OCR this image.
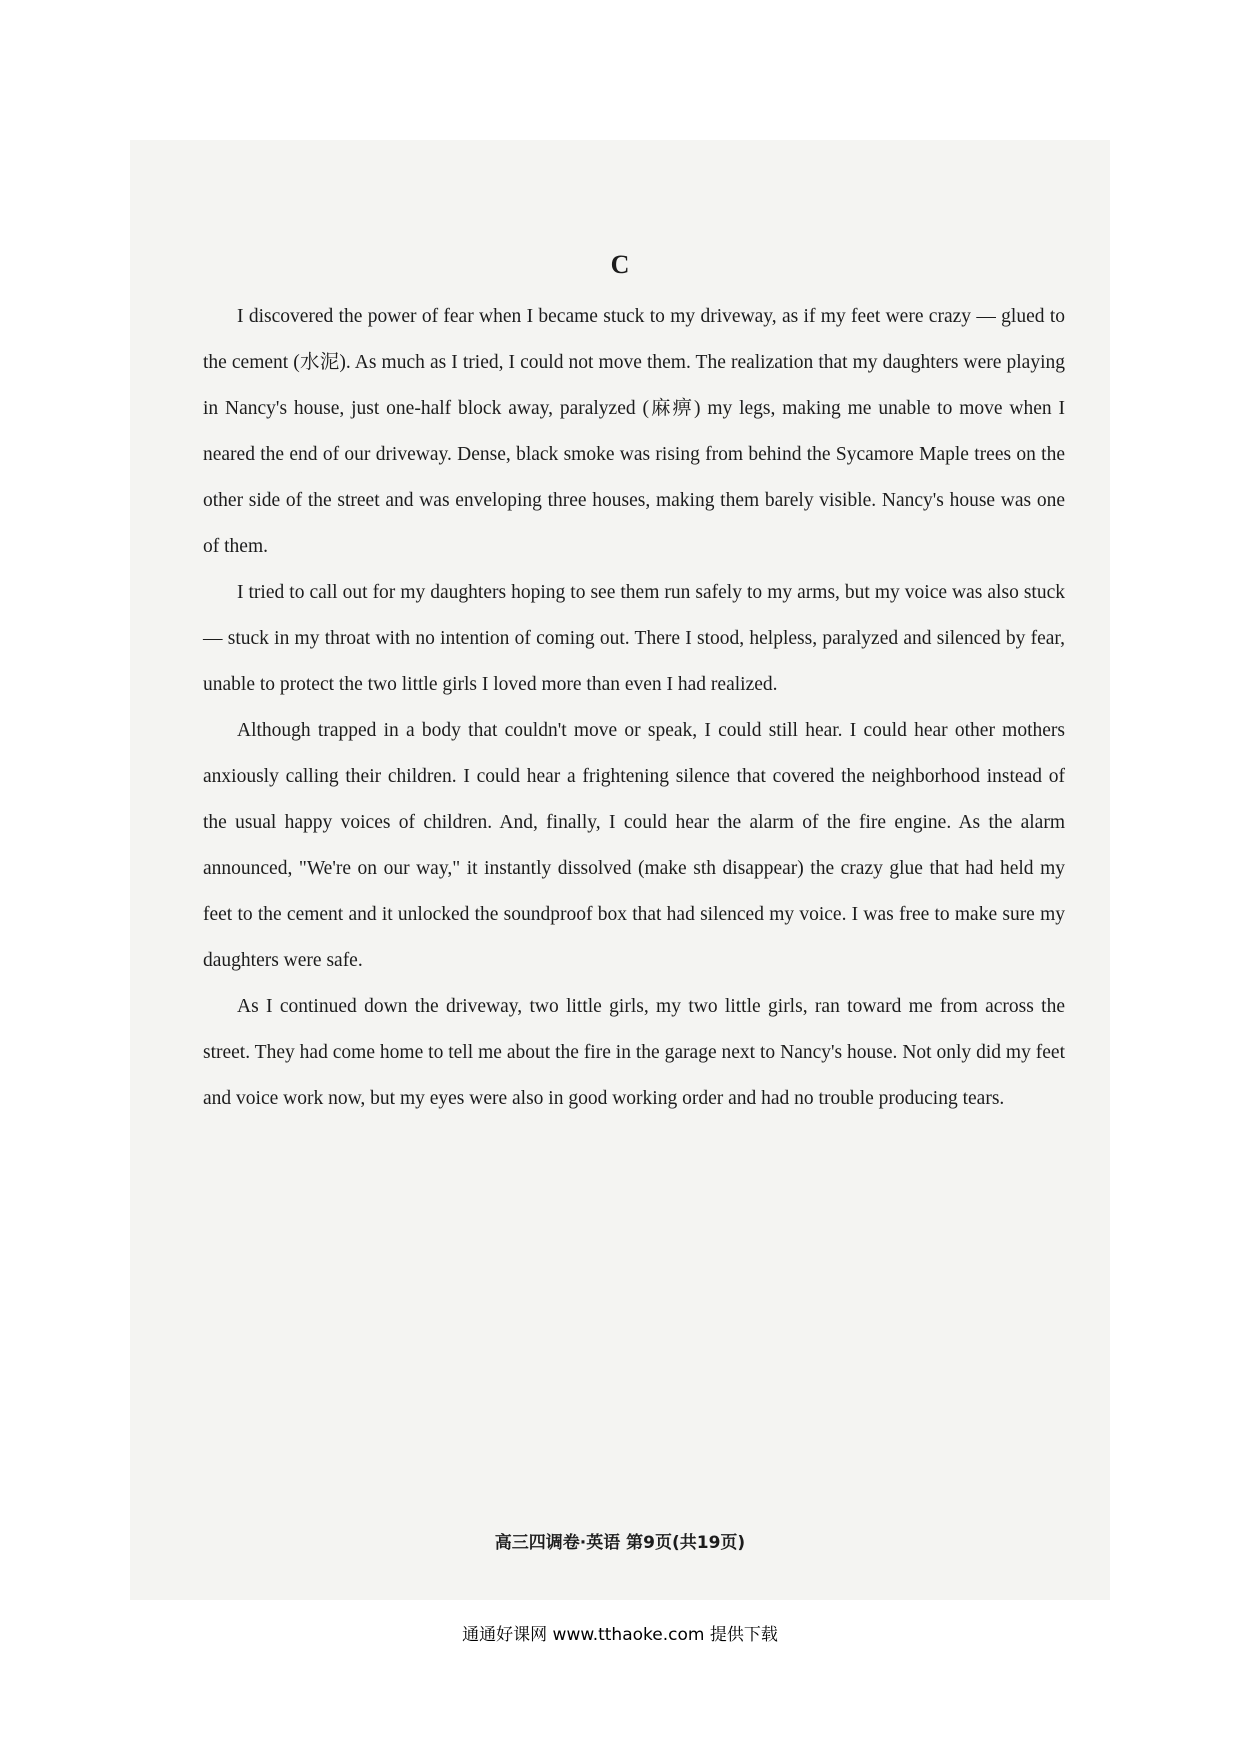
C

I discovered the power of fear when I became stuck to my driveway, as if my feet were crazy — glued to the cement (水泥). As much as I tried, I could not move them. The realization that my daughters were playing in Nancy's house, just one-half block away, paralyzed (麻痹) my legs, making me unable to move when I neared the end of our driveway. Dense, black smoke was rising from behind the Sycamore Maple trees on the other side of the street and was enveloping three houses, making them barely visible. Nancy's house was one of them.

I tried to call out for my daughters hoping to see them run safely to my arms, but my voice was also stuck — stuck in my throat with no intention of coming out. There I stood, helpless, paralyzed and silenced by fear, unable to protect the two little girls I loved more than even I had realized.

Although trapped in a body that couldn't move or speak, I could still hear. I could hear other mothers anxiously calling their children. I could hear a frightening silence that covered the neighborhood instead of the usual happy voices of children. And, finally, I could hear the alarm of the fire engine. As the alarm announced, "We're on our way," it instantly dissolved (make sth disappear) the crazy glue that had held my feet to the cement and it unlocked the soundproof box that had silenced my voice. I was free to make sure my daughters were safe.

As I continued down the driveway, two little girls, my two little girls, ran toward me from across the street. They had come home to tell me about the fire in the garage next to Nancy's house. Not only did my feet and voice work now, but my eyes were also in good working order and had no trouble producing tears.

高三四调卷·英语 第9页(共19页)
通通好课网 www.tthaoke.com 提供下载
